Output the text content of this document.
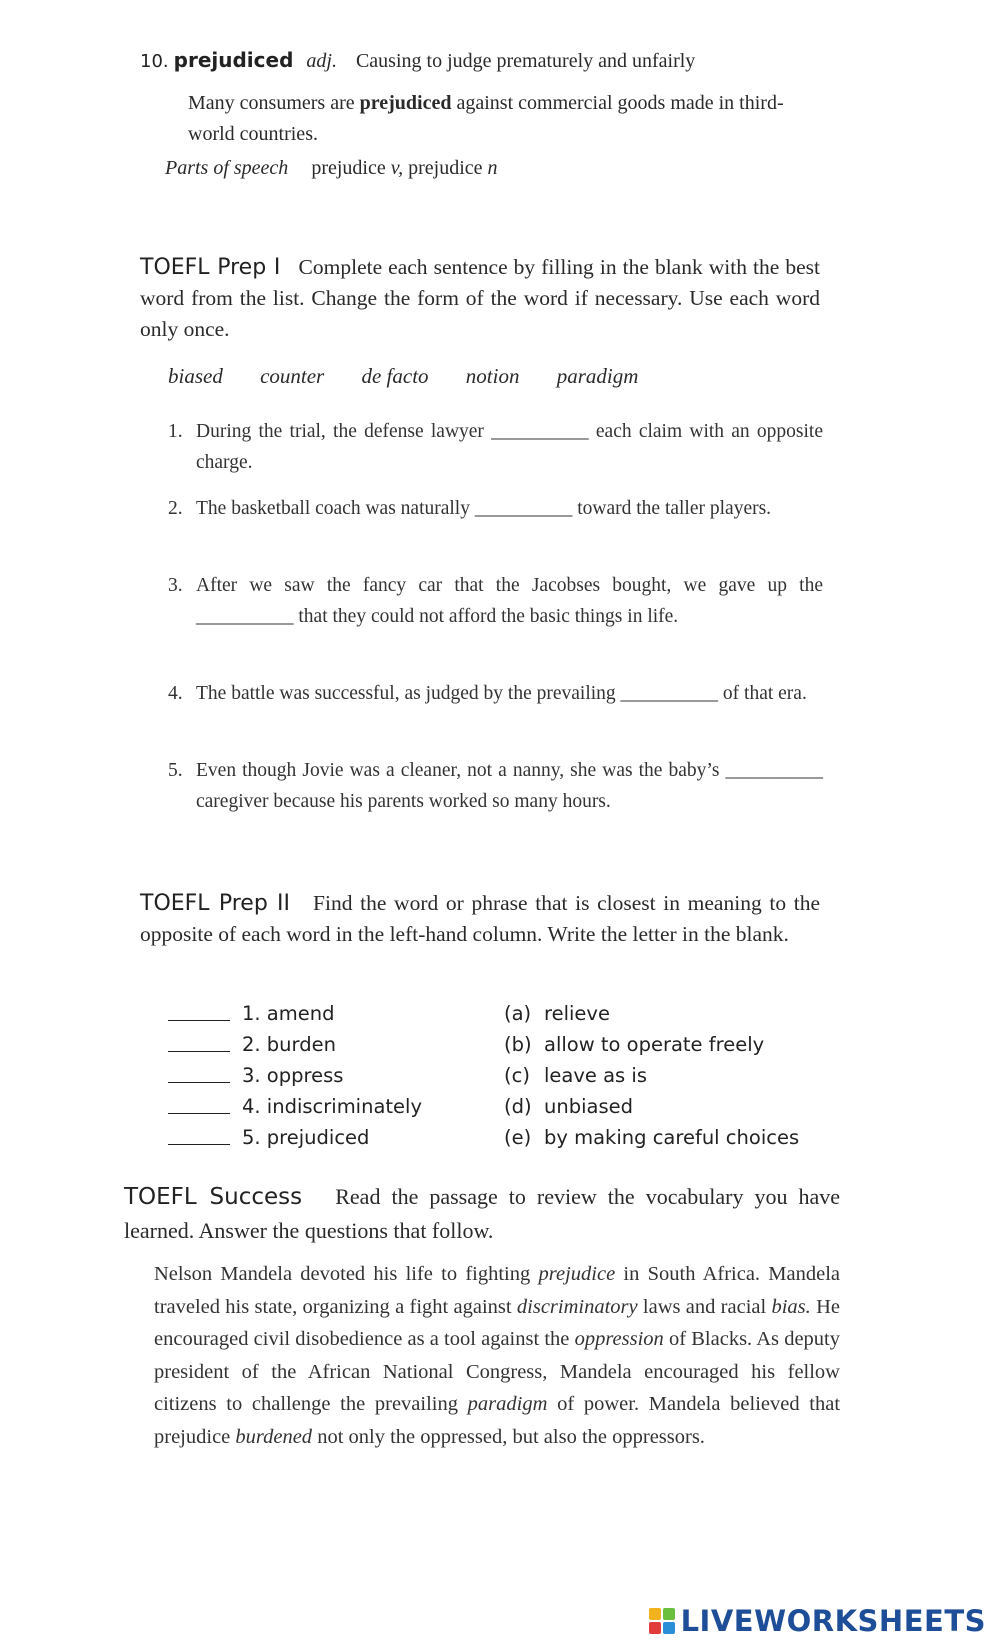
10. prejudiced adj. Causing to judge prematurely and unfairly
Many consumers are prejudiced against commercial goods made in third-world countries.
Parts of speech prejudice v, prejudice n
TOEFL Prep I Complete each sentence by filling in the blank with the best word from the list. Change the form of the word if necessary. Use each word only once.
biased counter de facto notion paradigm
1. During the trial, the defense lawyer __________ each claim with an opposite charge.
2. The basketball coach was naturally __________ toward the taller players.
3. After we saw the fancy car that the Jacobses bought, we gave up the __________ that they could not afford the basic things in life.
4. The battle was successful, as judged by the prevailing __________ of that era.
5. Even though Jovie was a cleaner, not a nanny, she was the baby’s __________ caregiver because his parents worked so many hours.
TOEFL Prep II Find the word or phrase that is closest in meaning to the opposite of each word in the left-hand column. Write the letter in the blank.
1. amend	(a) relieve
2. burden	(b) allow to operate freely
3. oppress	(c) leave as is
4. indiscriminately	(d) unbiased
5. prejudiced	(e) by making careful choices
TOEFL Success Read the passage to review the vocabulary you have learned. Answer the questions that follow.
Nelson Mandela devoted his life to fighting prejudice in South Africa. Mandela traveled his state, organizing a fight against discriminatory laws and racial bias. He encouraged civil disobedience as a tool against the oppression of Blacks. As deputy president of the African National Congress, Mandela encouraged his fellow citizens to challenge the prevailing paradigm of power. Mandela believed that prejudice burdened not only the oppressed, but also the oppressors.
LIVEWORKSHEETS
